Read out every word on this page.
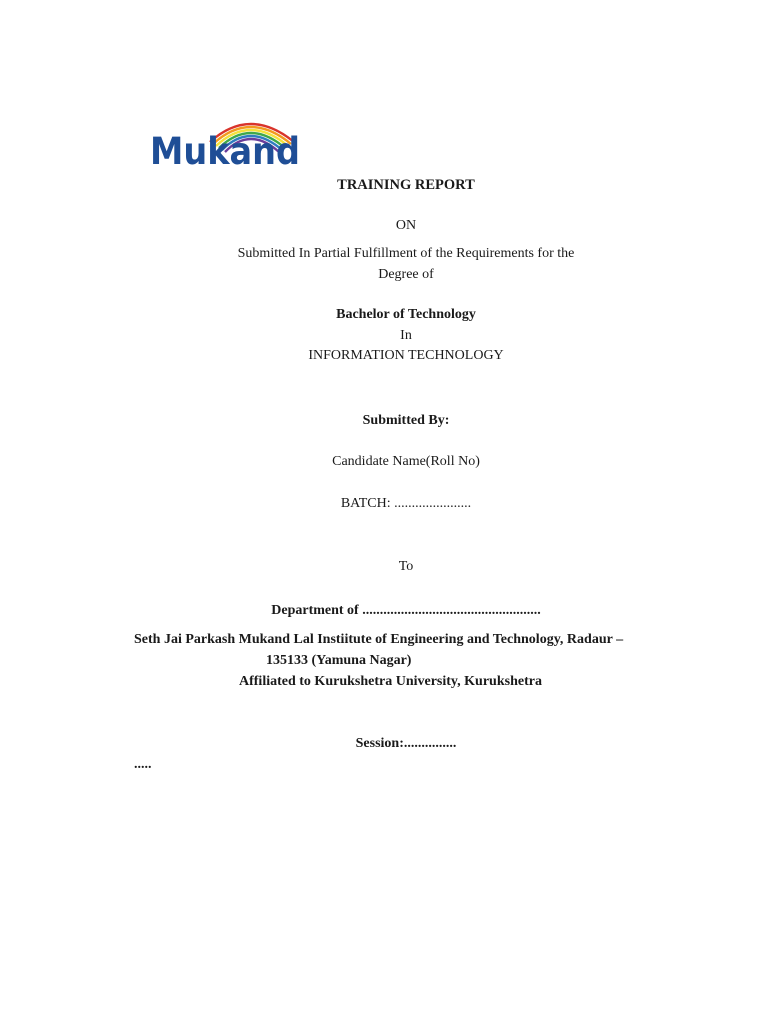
Mukand
TRAINING REPORT
ON
Submitted In Partial Fulfillment of the Requirements for the
Degree of
Bachelor of Technology
In
INFORMATION TECHNOLOGY
Submitted By:
Candidate Name(Roll No)
BATCH: ......................
To
Department of ...................................................
Seth Jai Parkash Mukand Lal Instiitute of Engineering and Technology, Radaur –
135133 (Yamuna Nagar)
Affiliated to Kurukshetra University, Kurukshetra
Session:...............
.....
